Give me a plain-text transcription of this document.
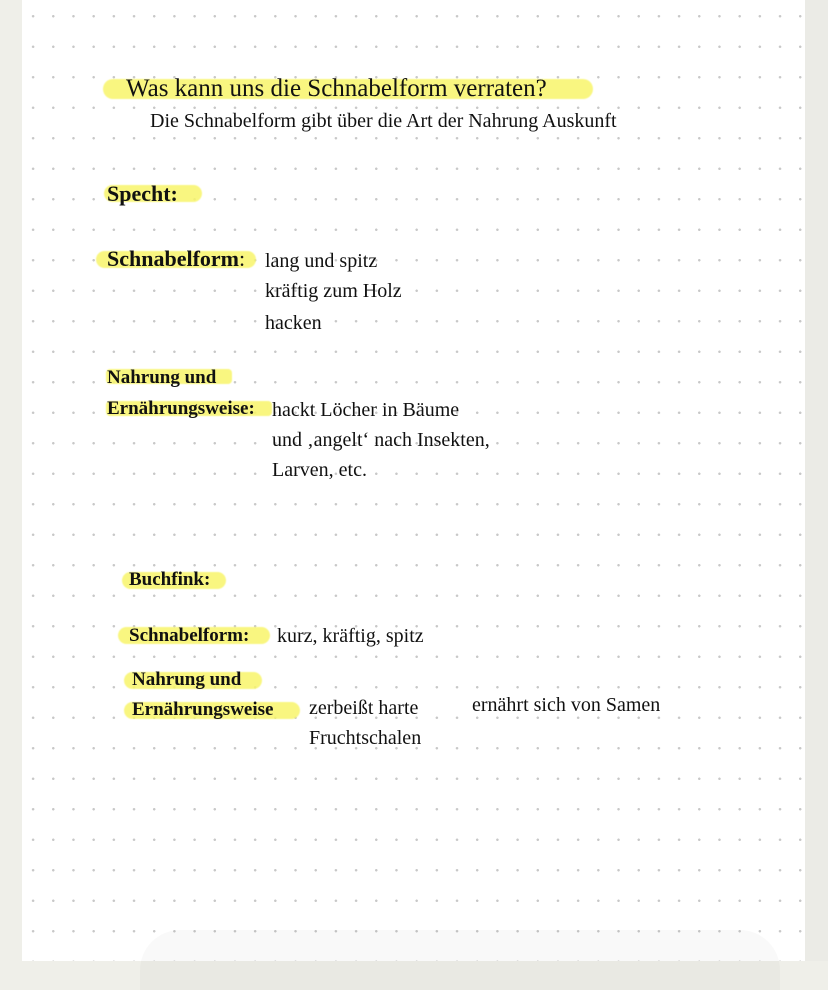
Was kann uns die Schnabelform verraten?
Die Schnabelform gibt über die Art der Nahrung Auskunft
Specht:
Schnabelform: lang und spitz
kräftig zum Holz
hacken
Nahrung und
Ernährungsweise: hackt Löcher in Bäume
und ‚angelt‘ nach Insekten,
Larven, etc.
Buchfink:
Schnabelform: kurz, kräftig, spitz
Nahrung und
Ernährungsweise zerbeißt harte
Fruchtschalen
ernährt sich von Samen
